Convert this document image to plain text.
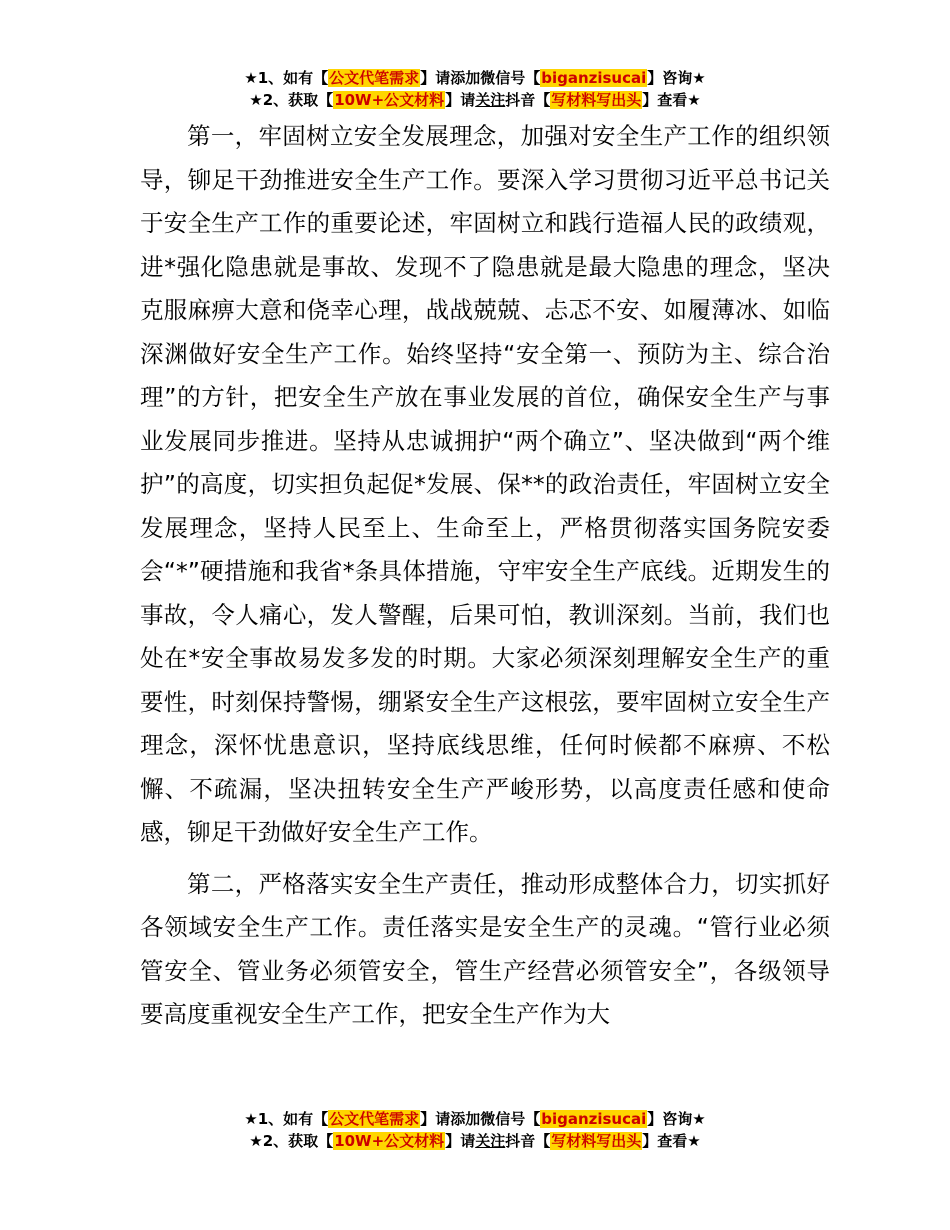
★1、如有【公文代笔需求】请添加微信号【biganzisucai】咨询★
★2、获取【10W+公文材料】请关注抖音【写材料写出头】查看★

第一，牢固树立安全发展理念，加强对安全生产工作的组织领导，铆足干劲推进安全生产工作。要深入学习贯彻习近平总书记关于安全生产工作的重要论述，牢固树立和践行造福人民的政绩观，进*强化隐患就是事故、发现不了隐患就是最大隐患的理念，坚决克服麻痹大意和侥幸心理，战战兢兢、忐忑不安、如履薄冰、如临深渊做好安全生产工作。始终坚持“安全第一、预防为主、综合治理”的方针，把安全生产放在事业发展的首位，确保安全生产与事业发展同步推进。坚持从忠诚拥护“两个确立”、坚决做到“两个维护”的高度，切实担负起促*发展、保**的政治责任，牢固树立安全发展理念，坚持人民至上、生命至上，严格贯彻落实国务院安委会“*”硬措施和我省*条具体措施，守牢安全生产底线。近期发生的事故，令人痛心，发人警醒，后果可怕，教训深刻。当前，我们也处在*安全事故易发多发的时期。大家必须深刻理解安全生产的重要性，时刻保持警惕，绷紧安全生产这根弦，要牢固树立安全生产理念，深怀忧患意识，坚持底线思维，任何时候都不麻痹、不松懈、不疏漏，坚决扭转安全生产严峻形势，以高度责任感和使命感，铆足干劲做好安全生产工作。

第二，严格落实安全生产责任，推动形成整体合力，切实抓好各领域安全生产工作。责任落实是安全生产的灵魂。“管行业必须管安全、管业务必须管安全，管生产经营必须管安全”，各级领导要高度重视安全生产工作，把安全生产作为大

★1、如有【公文代笔需求】请添加微信号【biganzisucai】咨询★
★2、获取【10W+公文材料】请关注抖音【写材料写出头】查看★
